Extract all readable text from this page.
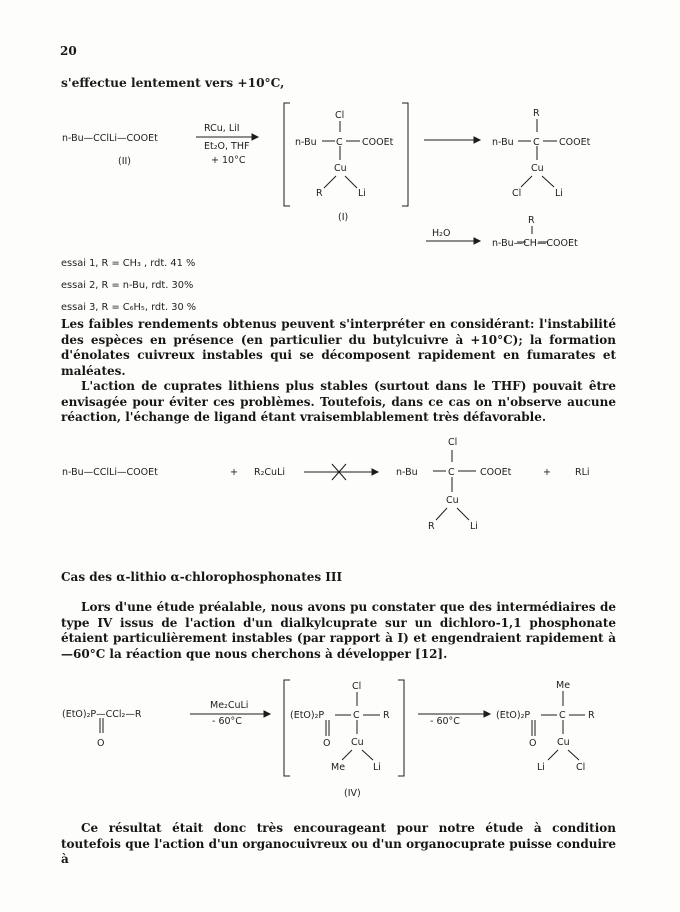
20
s'effectue lentement vers +10°C,
n-Bu—CClLi—COOEt
(II)
RCu, LiI
Et₂O, THF
+ 10°C
Cl
n-Bu C COOEt
Cu
R	Li
(I)
R
n-Bu C COOEt
Cu
Cl	Li
H₂O
R
n-Bu—CH—COOEt
essai 1, R = CH₃ , rdt. 41 %
essai 2, R = n-Bu, rdt. 30%
essai 3, R = C₆H₅, rdt. 30 %
Les faibles rendements obtenus peuvent s'interpréter en considérant: l'instabilité des espèces en présence (en particulier du butylcuivre à +10°C); la formation d'énolates cuivreux instables qui se décomposent rapidement en fumarates et maléates.
L'action de cuprates lithiens plus stables (surtout dans le THF) pouvait être envisagée pour éviter ces problèmes. Toutefois, dans ce cas on n'observe aucune réaction, l'échange de ligand étant vraisemblablement très défavorable.
n-Bu—CClLi—COOEt	+ R₂CuLi
Cl
n-Bu	C	COOEt	+	RLi
Cu
R	Li
Cas des α-lithio α-chlorophosphonates III
Lors d'une étude préalable, nous avons pu constater que des intermédiaires de type IV issus de l'action d'un dialkylcuprate sur un dichloro-1,1 phosphonate étaient particulièrement instables (par rapport à I) et engendraient rapidement à —60°C la réaction que nous cherchons à développer [12].
(EtO)₂P—CCl₂—R
O
Me₂CuLi
- 60°C
Cl
(EtO)₂P	C R
O Cu
Me	Li
(IV)
- 60°C
Me
(EtO)₂P	C R
O Cu
Li	Cl
Ce résultat était donc très encourageant pour notre étude à condition toutefois que l'action d'un organocuivreux ou d'un organocuprate puisse conduire à
